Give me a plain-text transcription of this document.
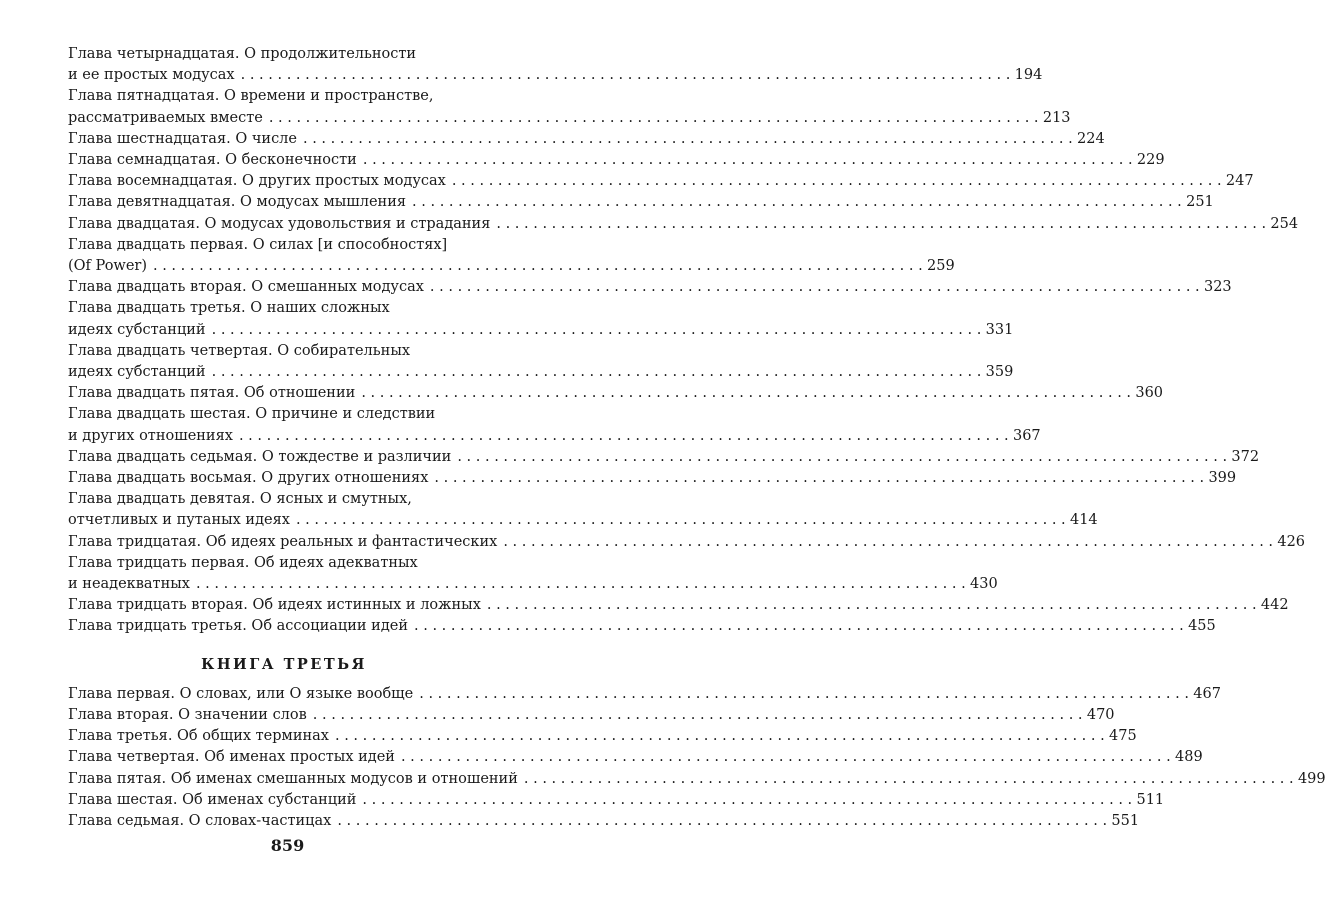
Глава четырнадцатая. О продолжительности
и ее простых модусах . . .	194
Глава пятнадцатая. О времени и пространстве,
рассматриваемых вместе . . .	213
Глава шестнадцатая. О числе . . .	224
Глава семнадцатая. О бесконечности . . .	229
Глава восемнадцатая. О других простых модусах . . .	247
Глава девятнадцатая. О модусах мышления . . .	251
Глава двадцатая. О модусах удовольствия и страдания . . .	254
Глава двадцать первая. О силах [и способностях]
(Of Power) . . .	259
Глава двадцать вторая. О смешанных модусах . . .	323
Глава двадцать третья. О наших сложных
идеях субстанций . . .	331
Глава двадцать четвертая. О собирательных
идеях субстанций . . .	359
Глава двадцать пятая. Об отношении . . .	360
Глава двадцать шестая. О причине и следствии
и других отношениях . . .	367
Глава двадцать седьмая. О тождестве и различии . . .	372
Глава двадцать восьмая. О других отношениях . . .	399
Глава двадцать девятая. О ясных и смутных,
отчетливых и путаных идеях . . .	414
Глава тридцатая. Об идеях реальных и фантастических . . .	426
Глава тридцать первая. Об идеях адекватных
и неадекватных . . .	430
Глава тридцать вторая. Об идеях истинных и ложных . . .	442
Глава тридцать третья. Об ассоциации идей . . .	455
КНИГА ТРЕТЬЯ
Глава первая. О словах, или О языке вообще . . .	467
Глава вторая. О значении слов . . .	470
Глава третья. Об общих терминах . . .	475
Глава четвертая. Об именах простых идей . . .	489
Глава пятая. Об именах смешанных модусов и отношений . . .	499
Глава шестая. Об именах субстанций . . .	511
Глава седьмая. О словах-частицах . . .	551
859
